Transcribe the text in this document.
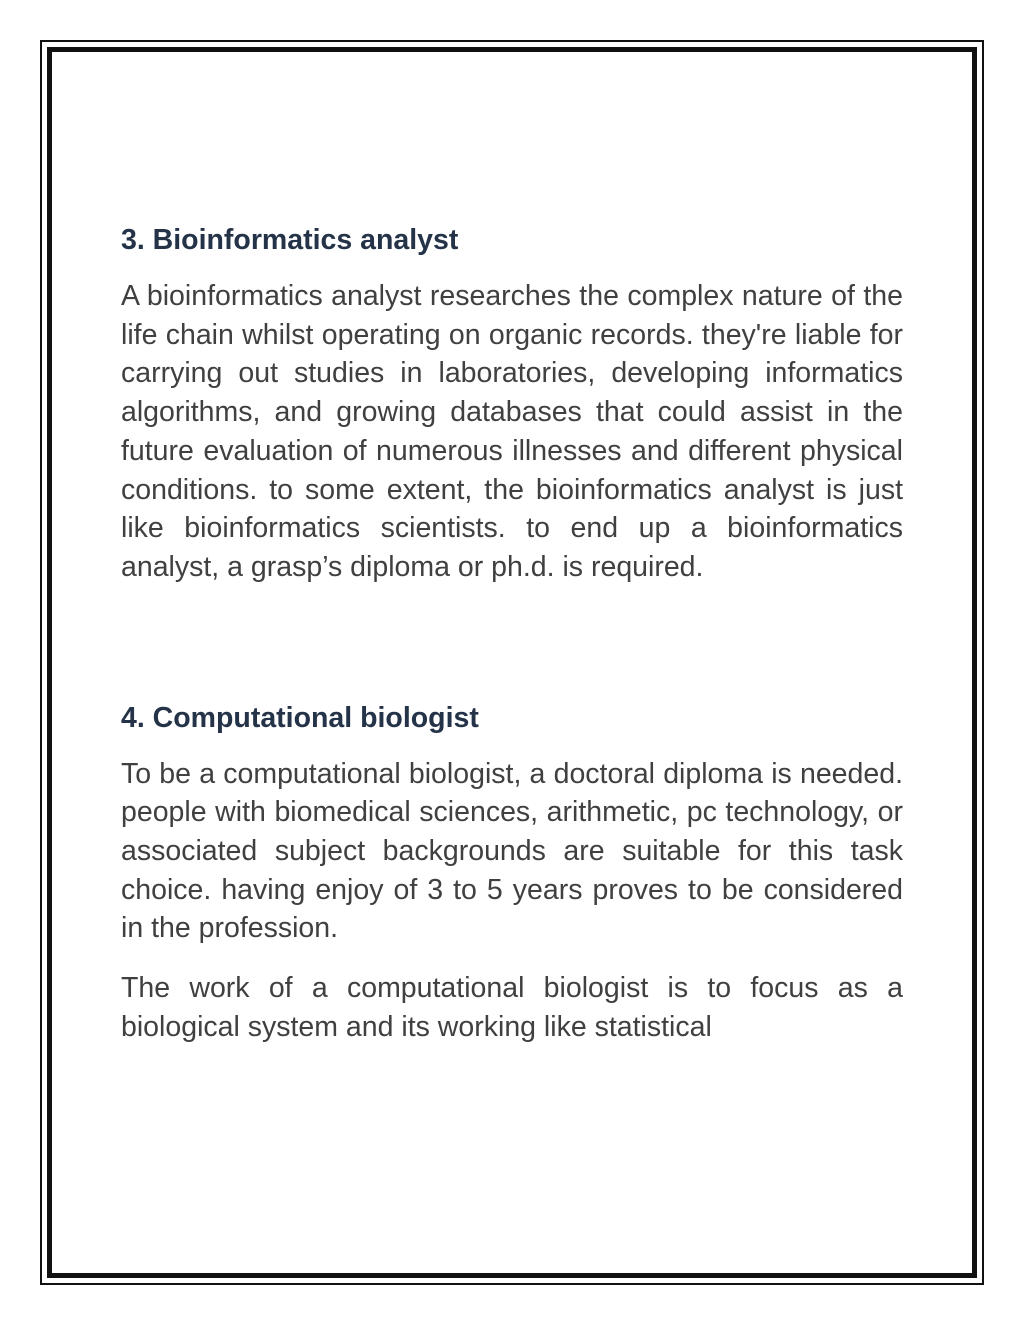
3. Bioinformatics analyst

A bioinformatics analyst researches the complex nature of the life chain whilst operating on organic records. they're liable for carrying out studies in laboratories, developing informatics algorithms, and growing databases that could assist in the future evaluation of numerous illnesses and different physical conditions. to some extent, the bioinformatics analyst is just like bioinformatics scientists. to end up a bioinformatics analyst, a grasp’s diploma or ph.d. is required.

4. Computational biologist

To be a computational biologist, a doctoral diploma is needed. people with biomedical sciences, arithmetic, pc technology, or associated subject backgrounds are suitable for this task choice. having enjoy of 3 to 5 years proves to be considered in the profession.

The work of a computational biologist is to focus as a biological system and its working like statistical
